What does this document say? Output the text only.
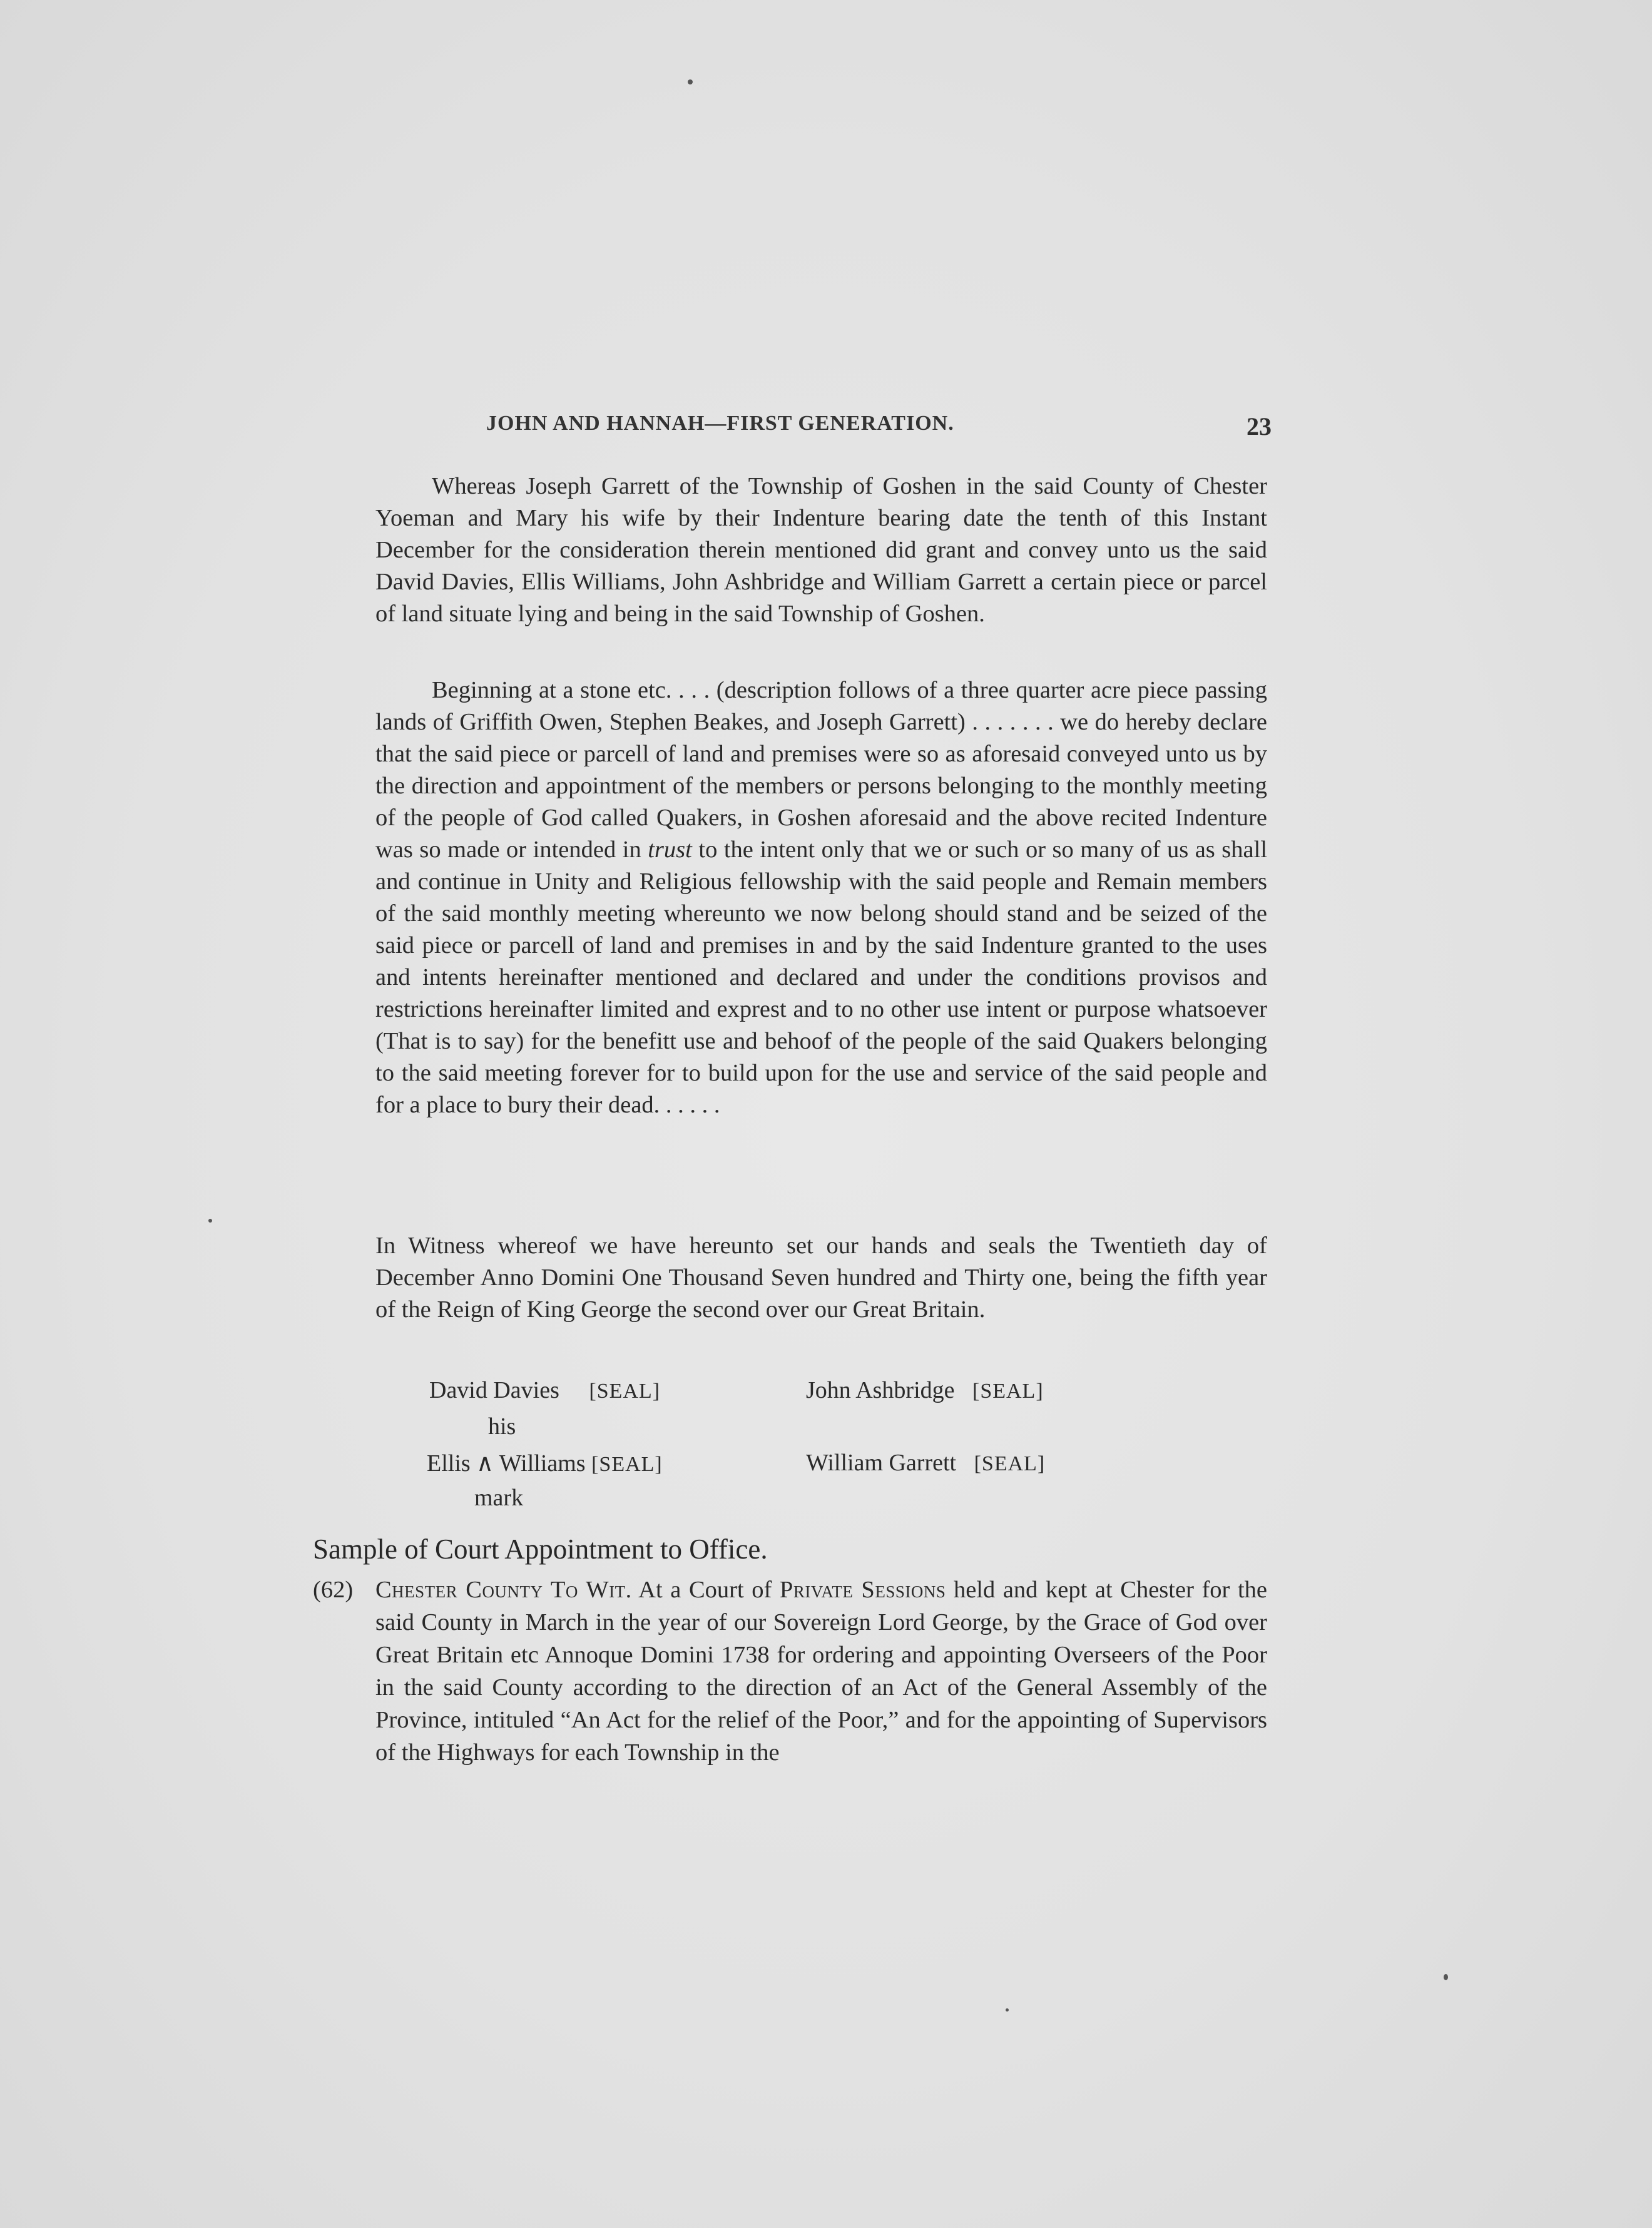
JOHN AND HANNAH—FIRST GENERATION.	23

Whereas Joseph Garrett of the Township of Goshen in the said County of Chester Yoeman and Mary his wife by their Indenture bearing date the tenth of this Instant December for the consideration therein mentioned did grant and convey unto us the said David Davies, Ellis Williams, John Ashbridge and William Garrett a certain piece or parcel of land situate lying and being in the said Township of Goshen.

Beginning at a stone etc. . . . (description follows of a three quarter acre piece passing lands of Griffith Owen, Stephen Beakes, and Joseph Garrett) . . . . . . . we do hereby declare that the said piece or parcell of land and premises were so as aforesaid conveyed unto us by the direction and appointment of the members or persons belonging to the monthly meeting of the people of God called Quakers, in Goshen aforesaid and the above recited Indenture was so made or intended in trust to the intent only that we or such or so many of us as shall and continue in Unity and Religious fellowship with the said people and Remain members of the said monthly meeting whereunto we now belong should stand and be seized of the said piece or parcell of land and premises in and by the said Indenture granted to the uses and intents hereinafter mentioned and declared and under the conditions provisos and restrictions hereinafter limited and exprest and to no other use intent or purpose whatsoever (That is to say) for the benefitt use and behoof of the people of the said Quakers belonging to the said meeting forever for to build upon for the use and service of the said people and for a place to bury their dead. . . . . .

In Witness whereof we have hereunto set our hands and seals the Twentieth day of December Anno Domini One Thousand Seven hundred and Thirty one, being the fifth year of the Reign of King George the second over our Great Britain.

David Davies [SEAL]
his
Ellis ∧ Williams [SEAL]
mark
John Ashbridge [SEAL]
William Garrett [SEAL]
Sample of Court Appointment to Office.
(62) Chester County To Wit. At a Court of Private Sessions held and kept at Chester for the said County in March in the year of our Sovereign Lord George, by the Grace of God over Great Britain etc Annoque Domini 1738 for ordering and appointing Overseers of the Poor in the said County according to the direction of an Act of the General Assembly of the Province, intituled “An Act for the relief of the Poor,” and for the appointing of Supervisors of the Highways for each Township in the
